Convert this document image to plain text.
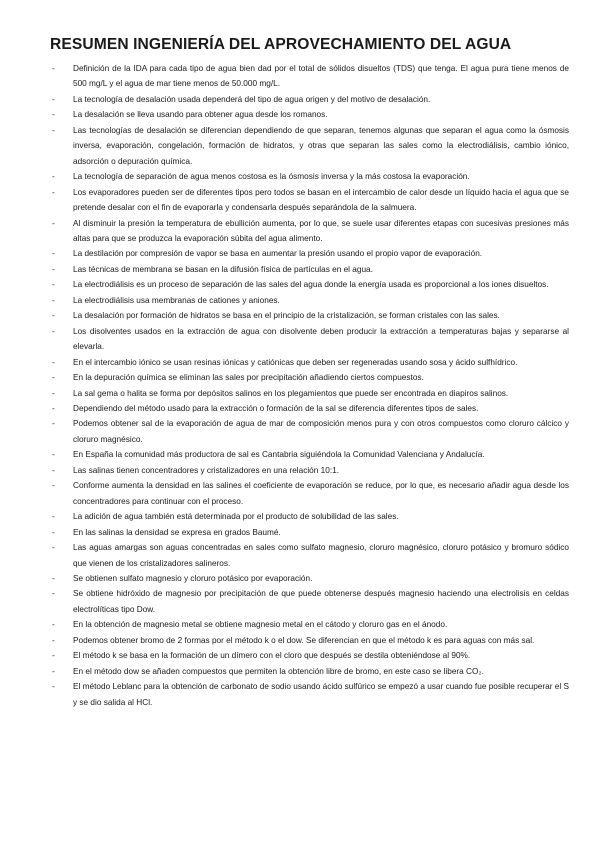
RESUMEN INGENIERÍA DEL APROVECHAMIENTO DEL AGUA
- Definición de la IDA para cada tipo de agua bien dad por el total de sólidos disueltos (TDS) que tenga. El agua pura tiene menos de 500 mg/L y el agua de mar tiene menos de 50.000 mg/L.
- La tecnología de desalación usada dependerá del tipo de agua origen y del motivo de desalación.
- La desalación se lleva usando para obtener agua desde los romanos.
- Las tecnologías de desalación se diferencian dependiendo de que separan, tenemos algunas que separan el agua como la ósmosis inversa, evaporación, congelación, formación de hidratos, y otras que separan las sales como la electrodiálisis, cambio iónico, adsorción o depuración química.
- La tecnología de separación de agua menos costosa es la ósmosis inversa y la más costosa la evaporación.
- Los evaporadores pueden ser de diferentes tipos pero todos se basan en el intercambio de calor desde un líquido hacia el agua que se pretende desalar con el fin de evaporarla y condensarla después separándola de la salmuera.
- Al disminuir la presión la temperatura de ebullición aumenta, por lo que, se suele usar diferentes etapas con sucesivas presiones más altas para que se produzca la evaporación súbita del agua alimento.
- La destilación por compresión de vapor se basa en aumentar la presión usando el propio vapor de evaporación.
- Las técnicas de membrana se basan en la difusión física de partículas en el agua.
- La electrodiálisis es un proceso de separación de las sales del agua donde la energía usada es proporcional a los iones disueltos.
- La electrodiálisis usa membranas de cationes y aniones.
- La desalación por formación de hidratos se basa en el principio de la cristalización, se forman cristales con las sales.
- Los disolventes usados en la extracción de agua con disolvente deben producir la extracción a temperaturas bajas y separarse al elevarla.
- En el intercambio iónico se usan resinas iónicas y catiónicas que deben ser regeneradas usando sosa y ácido sulfhídrico.
- En la depuración química se eliminan las sales por precipitación añadiendo ciertos compuestos.
- La sal gema o halita se forma por depósitos salinos en los plegamientos que puede ser encontrada en diapiros salinos.
- Dependiendo del método usado para la extracción o formación de la sal se diferencia diferentes tipos de sales.
- Podemos obtener sal de la evaporación de agua de mar de composición menos pura y con otros compuestos como cloruro cálcico y cloruro magnésico.
- En España la comunidad más productora de sal es Cantabria siguiéndola la Comunidad Valenciana y Andalucía.
- Las salinas tienen concentradores y cristalizadores en una relación 10:1.
- Conforme aumenta la densidad en las salines el coeficiente de evaporación se reduce, por lo que, es necesario añadir agua desde los concentradores para continuar con el proceso.
- La adición de agua también está determinada por el producto de solubilidad de las sales.
- En las salinas la densidad se expresa en grados Baumé.
- Las aguas amargas son aguas concentradas en sales como sulfato magnesio, cloruro magnésico, cloruro potásico y bromuro sódico que vienen de los cristalizadores salineros.
- Se obtienen sulfato magnesio y cloruro potásico por evaporación.
- Se obtiene hidróxido de magnesio por precipitación de que puede obtenerse después magnesio haciendo una electrolisis en celdas electrolíticas tipo Dow.
- En la obtención de magnesio metal se obtiene magnesio metal en el cátodo y cloruro gas en el ánodo.
- Podemos obtener bromo de 2 formas por el método k o el dow. Se diferencian en que el método k es para aguas con más sal.
- El método k se basa en la formación de un dímero con el cloro que después se destila obteniéndose al 90%.
- En el método dow se añaden compuestos que permiten la obtención libre de bromo, en este caso se libera CO₂.
- El método Leblanc para la obtención de carbonato de sodio usando ácido sulfúrico se empezó a usar cuando fue posible recuperar el S y se dio salida al HCl.
